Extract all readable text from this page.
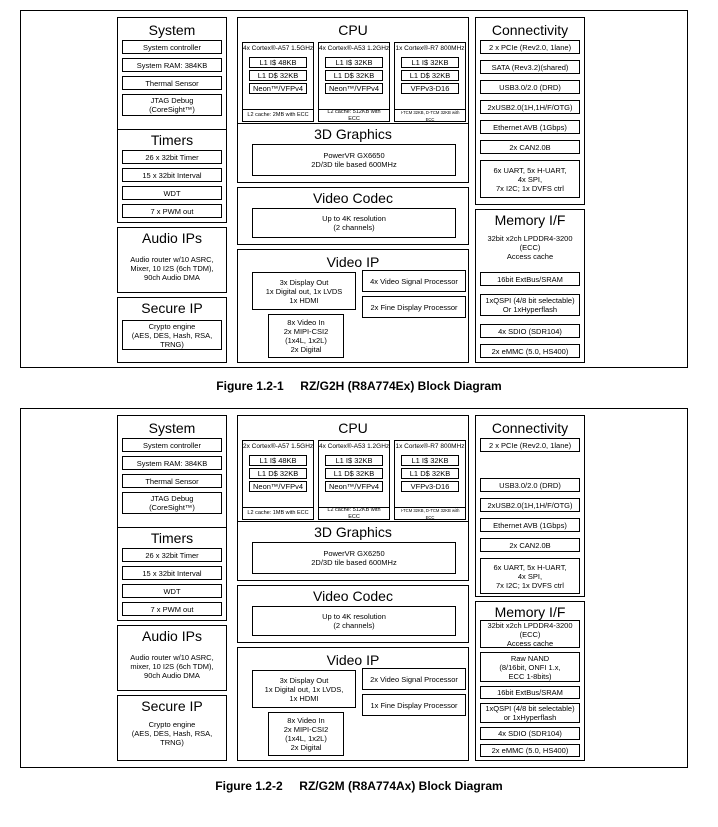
System
System controller
System RAM: 384KB
Thermal Sensor
JTAG Debug
(CoreSight™)
Timers
26 x 32bit Timer
15 x 32bit Interval
WDT
7 x PWM out
Audio IPs
Audio router w/10 ASRC,
Mixer, 10 I2S (6ch TDM),
90ch Audio DMA
Secure IP
Crypto engine
(AES, DES, Hash, RSA, TRNG)
CPU
4x Cortex®-A57 1.5GHz
L1 I$ 48KB
L1 D$ 32KB
Neon™/VFPv4
L2 cache: 2MB with ECC
4x Cortex®-A53 1.2GHz
L1 I$ 32KB
L1 D$ 32KB
Neon™/VFPv4
L2 cache: 512KB with ECC
1x Cortex®-R7 800MHz
L1 I$ 32KB
L1 D$ 32KB
VFPv3-D16
I-TCM 32KB, D-TCM 32KB with ECC
3D Graphics
PowerVR GX6650
2D/3D tile based 600MHz
Video Codec
Up to 4K resolution
(2 channels)
Video IP
3x Display Out
1x Digital out, 1x LVDS
1x HDMI
8x Video In
2x MIPI-CSI2
(1x4L, 1x2L)
2x Digital
4x Video Signal Processor
2x Fine Display Processor
Connectivity
2 x PCIe (Rev2.0, 1lane)
SATA (Rev3.2)(shared)
USB3.0/2.0 (DRD)
2xUSB2.0(1H,1H/F/OTG)
Ethernet AVB (1Gbps)
2x CAN2.0B
6x UART, 5x H-UART,
4x SPI,
7x I2C; 1x DVFS ctrl
Memory I/F
32bit x2ch LPDDR4-3200
(ECC)
Access cache
16bit ExtBus/SRAM
1xQSPI (4/8 bit selectable)
Or 1xHyperflash
4x SDIO (SDR104)
2x eMMC (5.0, HS400)
Figure 1.2-1     RZ/G2H (R8A774Ex) Block Diagram
System
System controller
System RAM: 384KB
Thermal Sensor
JTAG Debug
(CoreSight™)
Timers
26 x 32bit Timer
15 x 32bit Interval
WDT
7 x PWM out
Audio IPs
Audio router w/10 ASRC,
mixer, 10 I2S (6ch TDM),
90ch Audio DMA
Secure IP
Crypto engine
(AES, DES, Hash, RSA, TRNG)
CPU
2x Cortex®-A57 1.5GHz
L1 I$ 48KB
L1 D$ 32KB
Neon™/VFPv4
L2 cache: 1MB with ECC
4x Cortex®-A53 1.2GHz
L1 I$ 32KB
L1 D$ 32KB
Neon™/VFPv4
L2 cache: 512KB with ECC
1x Cortex®-R7 800MHz
L1 I$ 32KB
L1 D$ 32KB
VFPv3-D16
I-TCM 32KB, D-TCM 32KB with ECC
3D Graphics
PowerVR GX6250
2D/3D tile based 600MHz
Video Codec
Up to 4K resolution
(2 channels)
Video IP
3x Display Out
1x Digital out, 1x LVDS,
1x HDMI
8x Video In
2x MIPI-CSI2
(1x4L, 1x2L)
2x Digital
2x Video Signal Processor
1x Fine Display Processor
Connectivity
2 x PCIe (Rev2.0, 1lane)
USB3.0/2.0 (DRD)
2xUSB2.0(1H,1H/F/OTG)
Ethernet AVB (1Gbps)
2x CAN2.0B
6x UART, 5x H-UART,
4x SPI,
7x I2C; 1x DVFS ctrl
Memory I/F
32bit x2ch LPDDR4-3200
(ECC)
Access cache
Raw NAND
(8/16bit, ONFI 1.x,
ECC 1-8bits)
16bit ExtBus/SRAM
1xQSPI (4/8 bit selectable)
or 1xHyperflash
4x SDIO (SDR104)
2x eMMC (5.0, HS400)
Figure 1.2-2     RZ/G2M (R8A774Ax) Block Diagram
